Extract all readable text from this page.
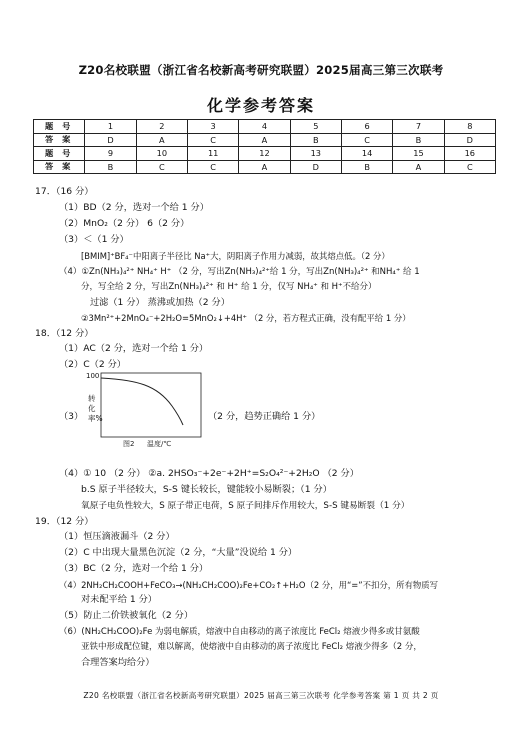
Z20名校联盟（浙江省名校新高考研究联盟）2025届高三第三次联考
化学参考答案
题 号	1	2	3	4	5	6	7	8
答 案	D	A	C	A	B	C	B	D
题 号	9	10	11	12	13	14	15	16
答 案	B	C	C	A	D	B	A	C
17．（16 分）
（1）BD（2 分，选对一个给 1 分）
（2）MnO₂（2 分） 6（2 分）
（3）＜（1 分）
[BMIM]⁺BF₄⁻中阳离子半径比 Na⁺大，阴阳离子作用力减弱，故其熔点低。（2 分）
（4）①Zn(NH₃)₄²⁺ NH₄⁺ H⁺ （2 分，写出Zn(NH₃)₄²⁺给 1 分，写出Zn(NH₃)₄²⁺ 和NH₄⁺ 给 1
分，写全给 2 分，写出Zn(NH₃)₄²⁺ 和 H⁺ 给 1 分，仅写 NH₄⁺ 和 H⁺不给分）
过滤（1 分） 蒸沸或加热（2 分）
②3Mn²⁺+2MnO₄⁻+2H₂O=5MnO₂↓+4H⁺ （2 分，若方程式正确，没有配平给 1 分）
18．（12 分）
（1）AC（2 分，选对一个给 1 分）
（2）C（2 分）
（3）
图2 温度/℃
100
转化率%	（2 分，趋势正确给 1 分）
（4）① 10 （2 分） ②a. 2HSO₃⁻+2e⁻+2H⁺=S₂O₄²⁻+2H₂O （2 分）
b.S 原子半径较大，S-S 键长较长，键能较小易断裂；（1 分）
氧原子电负性较大，S 原子带正电荷，S 原子间排斥作用较大，S-S 键易断裂（1 分）
19．（12 分）
（1）恒压滴液漏斗（2 分）
（2）C 中出现大量黑色沉淀（2 分，“大量”没说给 1 分）
（3）BC（2 分，选对一个给 1 分）
（4）2NH₂CH₂COOH+FeCO₃→(NH₂CH₂COO)₂Fe+CO₂↑+H₂O（2 分，用“=”不扣分，所有物质写
对未配平给 1 分）
（5）防止二价铁被氧化（2 分）
（6）(NH₂CH₂COO)₂Fe 为弱电解质，熔液中自由移动的离子浓度比 FeCl₂ 熔液少得多或甘氨酸
亚铁中形成配位键，难以解离，使熔液中自由移动的离子浓度比 FeCl₂ 熔液少得多（2 分，
合理答案均给分）
Z20 名校联盟（浙江省名校新高考研究联盟）2025 届高三第三次联考 化学参考答案 第 1 页 共 2 页
